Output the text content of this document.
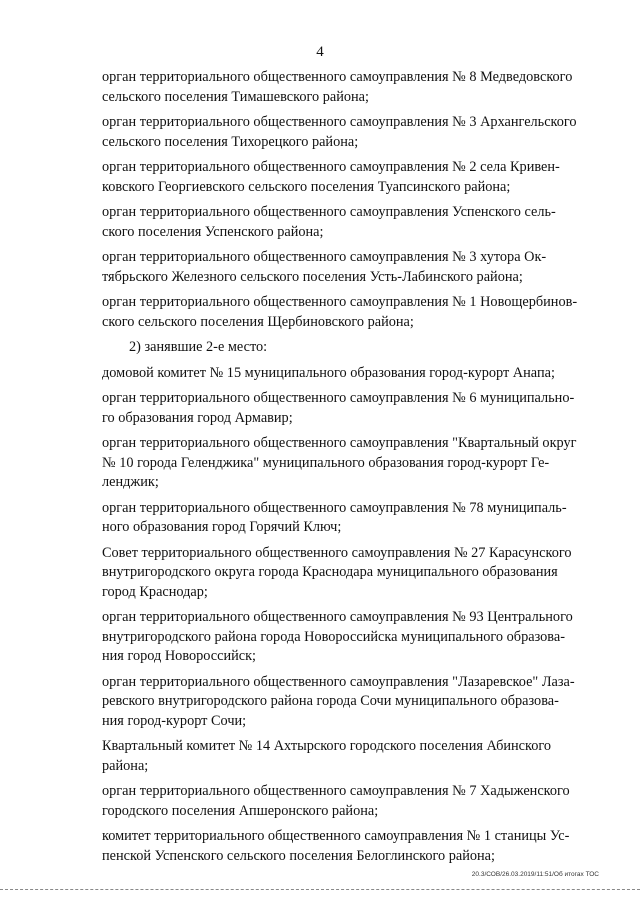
4

орган территориального общественного самоуправления № 8 Медведовского
сельского поселения Тимашевского района;

орган территориального общественного самоуправления № 3 Архангельского
сельского поселения Тихорецкого района;

орган территориального общественного самоуправления № 2 села Кривен-
ковского Георгиевского сельского поселения Туапсинского района;

орган территориального общественного самоуправления Успенского сель-
ского поселения Успенского района;

орган территориального общественного самоуправления № 3 хутора Ок-
тябрьского Железного сельского поселения Усть-Лабинского района;

орган территориального общественного самоуправления № 1 Новощербинов-
ского сельского поселения Щербиновского района;

2) занявшие 2-е место:

домовой комитет № 15 муниципального образования город-курорт Анапа;

орган территориального общественного самоуправления № 6 муниципально-
го образования город Армавир;

орган территориального общественного самоуправления "Квартальный округ
№ 10 города Геленджика" муниципального образования город-курорт Ге-
ленджик;

орган территориального общественного самоуправления № 78 муниципаль-
ного образования город Горячий Ключ;

Совет территориального общественного самоуправления № 27 Карасунского
внутригородского округа города Краснодара муниципального образования
город Краснодар;

орган территориального общественного самоуправления № 93 Центрального
внутригородского района города Новороссийска муниципального образова-
ния город Новороссийск;

орган территориального общественного самоуправления "Лазаревское" Лаза-
ревского внутригородского района города Сочи муниципального образова-
ния город-курорт Сочи;

Квартальный комитет № 14 Ахтырского городского поселения Абинского
района;

орган территориального общественного самоуправления № 7 Хадыженского
городского поселения Апшеронского района;

комитет территориального общественного самоуправления № 1 станицы Ус-
пенской Успенского сельского поселения Белоглинского района;

20.3/СОВ/26.03.2019/11:51/Об итогах ТОС
